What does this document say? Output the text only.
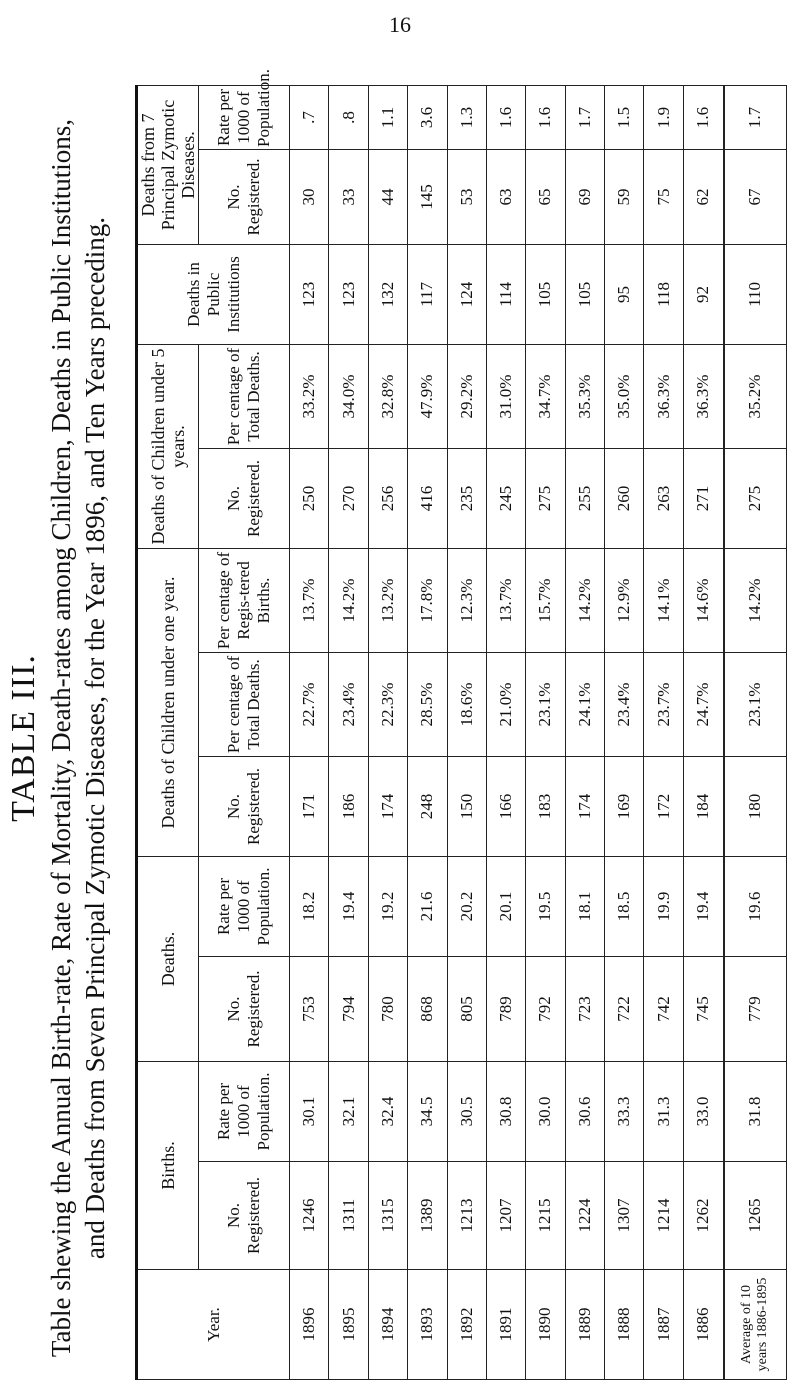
16
TABLE III. Table shewing the Annual Birth-rate, Rate of Mortality, Death-rates among Children, Deaths in Public Institutions, and Deaths from Seven Principal Zymotic Diseases, for the Year 1896, and Ten Years preceding.
Year.	Births.		Deaths.		Deaths of Children under one year.			Deaths of Children under 5 years.		Deaths in Public Institutions	Deaths from 7 Principal Zymotic Diseases.	
	No. Registered.	Rate per 1000 of Population.	No. Registered.	Rate per 1000 of Population.	No. Registered.	Per centage of Total Deaths.	Per centage of Regis-tered Births.	No. Registered.	Per centage of Total Deaths.		No. Registered.	Rate per 1000 of Population.
1896	1246	30.1	753	18.2	171	22.7%	13.7%	250	33.2%	123	30	.7
1895	1311	32.1	794	19.4	186	23.4%	14.2%	270	34.0%	123	33	.8
1894	1315	32.4	780	19.2	174	22.3%	13.2%	256	32.8%	132	44	1.1
1893	1389	34.5	868	21.6	248	28.5%	17.8%	416	47.9%	117	145	3.6
1892	1213	30.5	805	20.2	150	18.6%	12.3%	235	29.2%	124	53	1.3
1891	1207	30.8	789	20.1	166	21.0%	13.7%	245	31.0%	114	63	1.6
1890	1215	30.0	792	19.5	183	23.1%	15.7%	275	34.7%	105	65	1.6
1889	1224	30.6	723	18.1	174	24.1%	14.2%	255	35.3%	105	69	1.7
1888	1307	33.3	722	18.5	169	23.4%	12.9%	260	35.0%	95	59	1.5
1887	1214	31.3	742	19.9	172	23.7%	14.1%	263	36.3%	118	75	1.9
1886	1262	33.0	745	19.4	184	24.7%	14.6%	271	36.3%	92	62	1.6
Average of 10 years 1886-1895	1265	31.8	779	19.6	180	23.1%	14.2%	275	35.2%	110	67	1.7
